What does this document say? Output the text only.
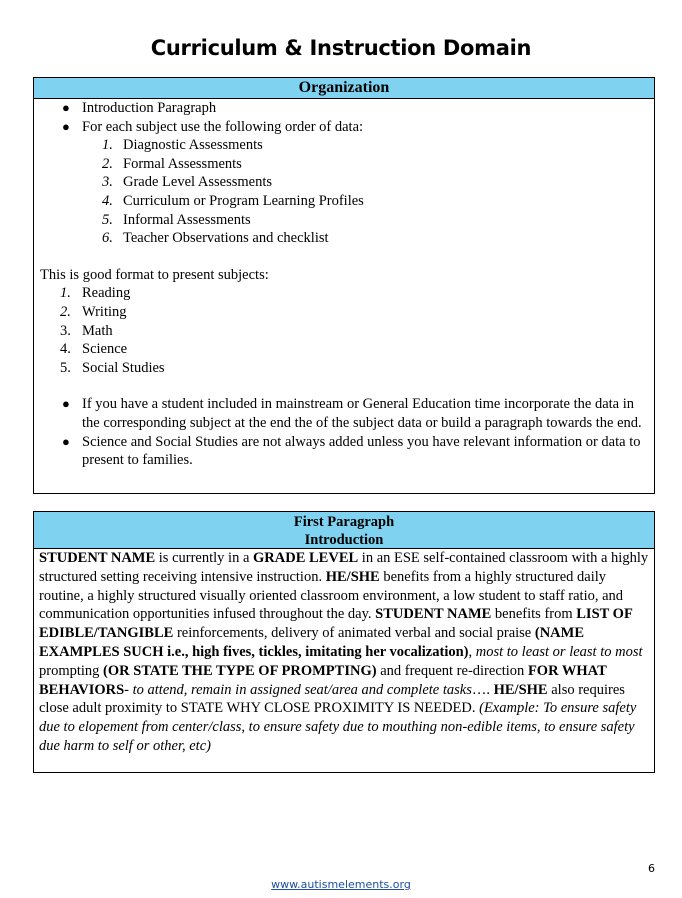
Curriculum & Instruction Domain
Organization
● Introduction Paragraph
● For each subject use the following order of data:
1. Diagnostic Assessments
2. Formal Assessments
3. Grade Level Assessments
4. Curriculum or Program Learning Profiles
5. Informal Assessments
6. Teacher Observations and checklist
This is good format to present subjects:
1. Reading
2. Writing
3. Math
4. Science
5. Social Studies
● If you have a student included in mainstream or General Education time incorporate the data in the corresponding subject at the end the of the subject data or build a paragraph towards the end.
● Science and Social Studies are not always added unless you have relevant information or data to present to families.
First Paragraph
Introduction
STUDENT NAME is currently in a GRADE LEVEL in an ESE self-contained classroom with a highly structured setting receiving intensive instruction. HE/SHE benefits from a highly structured daily routine, a highly structured visually oriented classroom environment, a low student to staff ratio, and communication opportunities infused throughout the day. STUDENT NAME benefits from LIST OF EDIBLE/TANGIBLE reinforcements, delivery of animated verbal and social praise (NAME EXAMPLES SUCH i.e., high fives, tickles, imitating her vocalization), most to least or least to most prompting (OR STATE THE TYPE OF PROMPTING) and frequent re-direction FOR WHAT BEHAVIORS- to attend, remain in assigned seat/area and complete tasks…. HE/SHE also requires close adult proximity to STATE WHY CLOSE PROXIMITY IS NEEDED. (Example: To ensure safety due to elopement from center/class, to ensure safety due to mouthing non-edible items, to ensure safety due harm to self or other, etc)
6
www.autismelements.org
